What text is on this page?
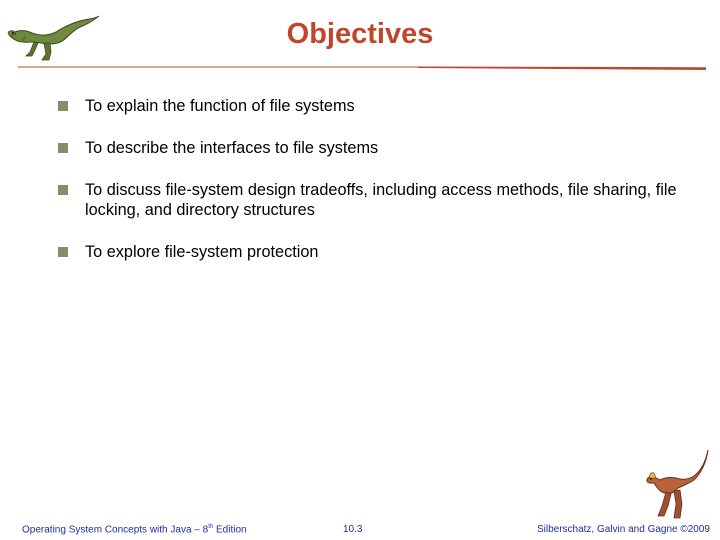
Objectives
To explain the function of file systems
To describe the interfaces to file systems
To discuss file-system design tradeoffs, including access methods, file sharing, file locking, and directory structures
To explore file-system protection
Operating System Concepts with Java – 8th Edition	10.3	Silberschatz, Galvin and Gagne ©2009
